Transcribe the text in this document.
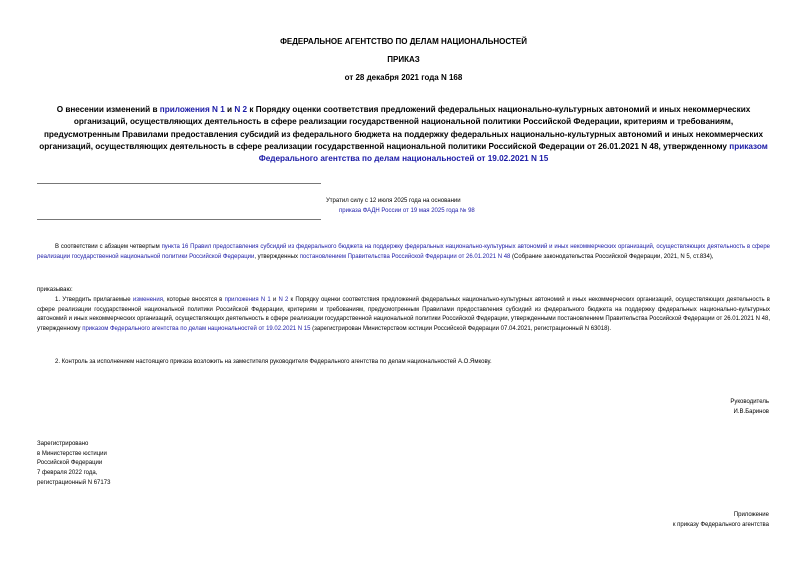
ФЕДЕРАЛЬНОЕ АГЕНТСТВО ПО ДЕЛАМ НАЦИОНАЛЬНОСТЕЙ
ПРИКАЗ
от 28 декабря 2021 года N 168
О внесении изменений в приложения N 1 и N 2 к Порядку оценки соответствия предложений федеральных национально-культурных автономий и иных некоммерческих организаций, осуществляющих деятельность в сфере реализации государственной национальной политики Российской Федерации, критериям и требованиям, предусмотренным Правилами предоставления субсидий из федерального бюджета на поддержку федеральных национально-культурных автономий и иных некоммерческих организаций, осуществляющих деятельность в сфере реализации государственной национальной политики Российской Федерации от 26.01.2021 N 48, утвержденному приказом Федерального агентства по делам национальностей от 19.02.2021 N 15
Утратил силу с 12 июля 2025 года на основании
приказа ФАДН России от 19 мая 2025 года № 98

В соответствии с абзацем четвертым пункта 16 Правил предоставления субсидий из федерального бюджета на поддержку федеральных национально-культурных автономий и иных некоммерческих организаций, осуществляющих деятельность в сфере реализации государственной национальной политики Российской Федерации, утвержденных постановлением Правительства Российской Федерации от 26.01.2021 N 48 (Собрание законодательства Российской Федерации, 2021, N 5, ст.834),

приказываю:

1. Утвердить прилагаемые изменения, которые вносятся в приложения N 1 и N 2 к Порядку оценки соответствия предложений федеральных национально-культурных автономий и иных некоммерческих организаций, осуществляющих деятельность в сфере реализации государственной национальной политики Российской Федерации, критериям и требованиям, предусмотренным Правилами предоставления субсидий из федерального бюджета на поддержку федеральных национально-культурных автономий и иных некоммерческих организаций, осуществляющих деятельность в сфере реализации государственной национальной политики Российской Федерации, утвержденными постановлением Правительства Российской Федерации от 26.01.2021 N 48, утвержденному приказом Федерального агентства по делам национальностей от 19.02.2021 N 15 (зарегистрирован Министерством юстиции Российской Федерации 07.04.2021, регистрационный N 63018).

2. Контроль за исполнением настоящего приказа возложить на заместителя руководителя Федерального агентства по делам национальностей А.О.Ямкову.

Руководитель
И.В.Баринов
Зарегистрировано
в Министерстве юстиции
Российской Федерации
7 февраля 2022 года,
регистрационный N 67173
Приложение
к приказу Федерального агентства
